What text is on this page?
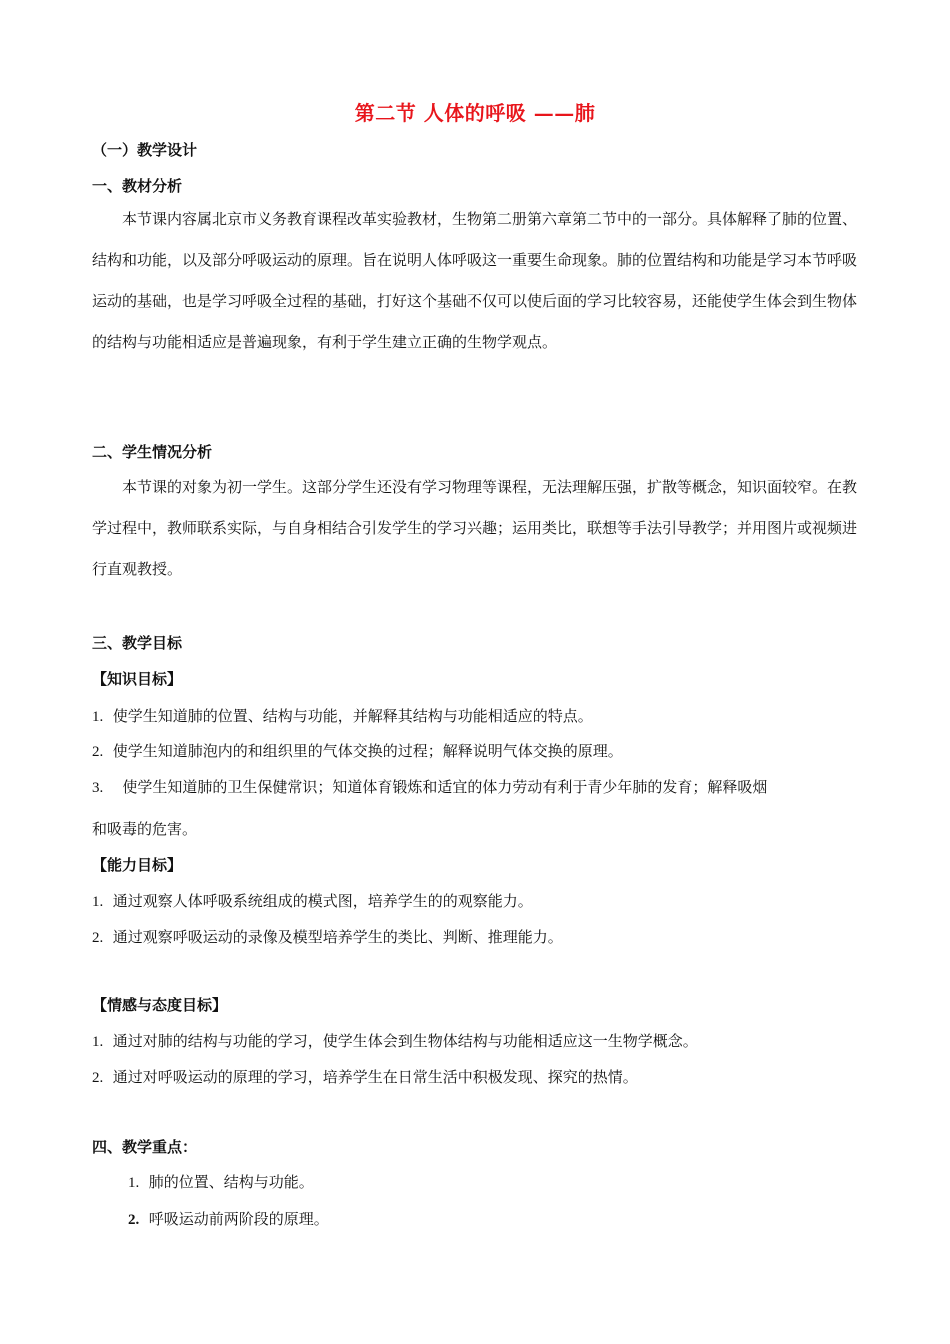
第二节 人体的呼吸 ——肺
（一）教学设计
一、教材分析
本节课内容属北京市义务教育课程改革实验教材，生物第二册第六章第二节中的一部分。具体解释了肺的位置、结构和功能，以及部分呼吸运动的原理。旨在说明人体呼吸这一重要生命现象。肺的位置结构和功能是学习本节呼吸运动的基础，也是学习呼吸全过程的基础，打好这个基础不仅可以使后面的学习比较容易，还能使学生体会到生物体的结构与功能相适应是普遍现象，有利于学生建立正确的生物学观点。
二、学生情况分析
本节课的对象为初一学生。这部分学生还没有学习物理等课程，无法理解压强，扩散等概念，知识面较窄。在教学过程中，教师联系实际，与自身相结合引发学生的学习兴趣；运用类比，联想等手法引导教学；并用图片或视频进行直观教授。
三、教学目标
【知识目标】
1. 使学生知道肺的位置、结构与功能，并解释其结构与功能相适应的特点。
2. 使学生知道肺泡内的和组织里的气体交换的过程；解释说明气体交换的原理。
3. 使学生知道肺的卫生保健常识；知道体育锻炼和适宜的体力劳动有利于青少年肺的发育；解释吸烟
和吸毒的危害。
【能力目标】
1. 通过观察人体呼吸系统组成的模式图，培养学生的的观察能力。
2. 通过观察呼吸运动的录像及模型培养学生的类比、判断、推理能力。
【情感与态度目标】
1. 通过对肺的结构与功能的学习，使学生体会到生物体结构与功能相适应这一生物学概念。
2. 通过对呼吸运动的原理的学习，培养学生在日常生活中积极发现、探究的热情。
四、教学重点：
1. 肺的位置、结构与功能。
2. 呼吸运动前两阶段的原理。
